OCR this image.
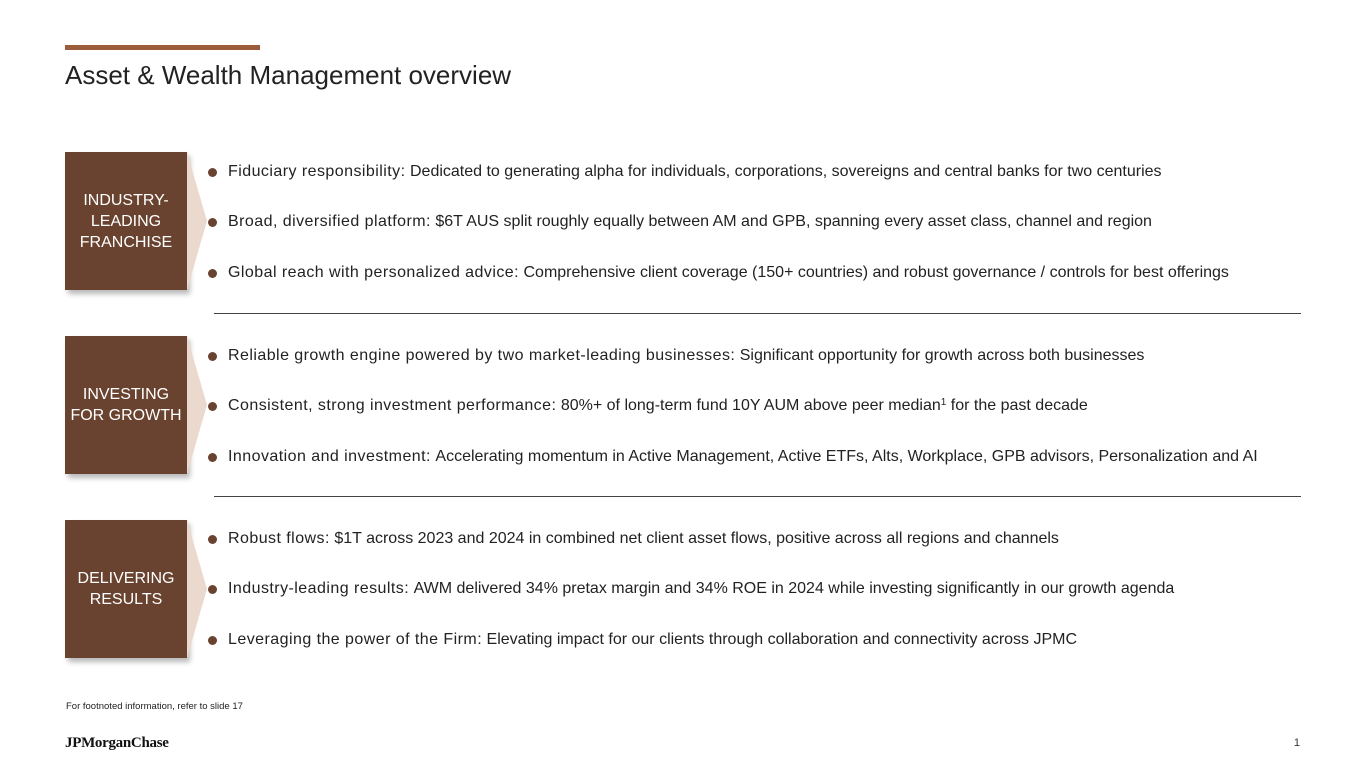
Asset & Wealth Management overview
INDUSTRY-LEADING FRANCHISE
Fiduciary responsibility:
Dedicated to generating alpha for individuals, corporations, sovereigns and central banks for two centuries
Broad, diversified platform:
$6T AUS split roughly equally between AM and GPB, spanning every asset class, channel and region
Global reach with personalized advice:
Comprehensive client coverage (150+ countries) and robust governance / controls for best offerings
INVESTING FOR GROWTH
Reliable growth engine powered by two market-leading businesses:
Significant opportunity for growth across both businesses
Consistent, strong investment performance:
80%+ of long-term fund 10Y AUM above peer median$^1$ for the past decade
Innovation and investment:
Accelerating momentum in Active Management, Active ETFs, Alts, Workplace, GPB advisors, Personalization and AI
DELIVERING RESULTS
Robust flows:
$1T across 2023 and 2024 in combined net client asset flows, positive across all regions and channels
Industry-leading results:
AWM delivered 34% pretax margin and 34% ROE in 2024 while investing significantly in our growth agenda
Leveraging the power of the Firm:
Elevating impact for our clients through collaboration and connectivity across JPMC
For footnoted information, refer to slide 17
JPMorganChase	1
